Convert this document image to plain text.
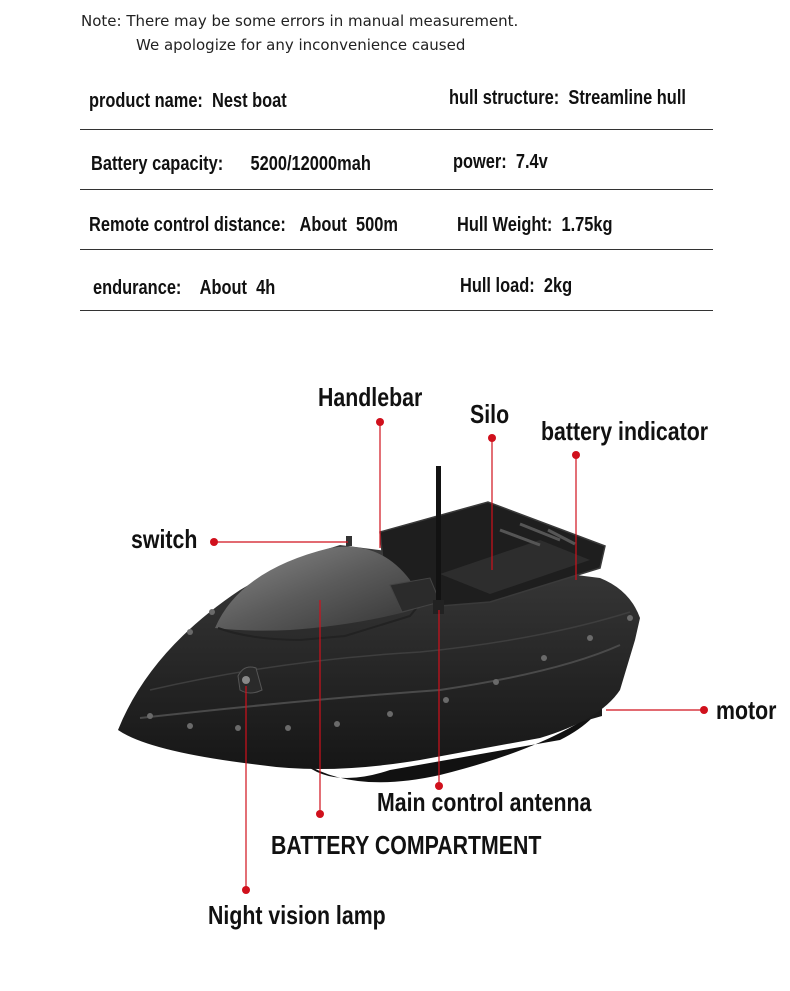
Note: There may be some errors in manual measurement.
We apologize for any inconvenience caused
product name: Nest boat	hull structure: Streamline hull
Battery capacity: 5200/12000mah	power: 7.4v
Remote control distance: About 500m	Hull Weight: 1.75kg
endurance: About 4h	Hull load: 2kg
Handlebar
Silo
battery indicator
switch
motor
Main control antenna
BATTERY COMPARTMENT
Night vision lamp
